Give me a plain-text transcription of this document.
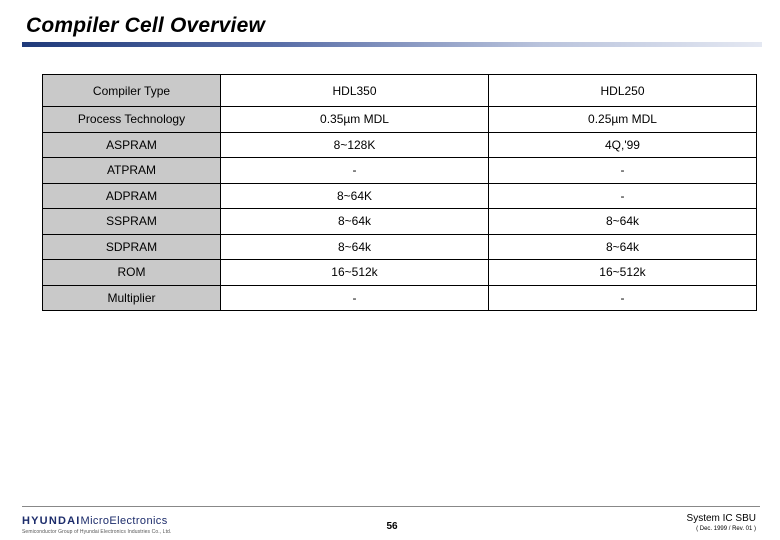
Compiler Cell Overview
Compiler Type	HDL350	HDL250
Process Technology	0.35µm MDL	0.25µm MDL
ASPRAM	8~128K	4Q,'99
ATPRAM	-	-
ADPRAM	8~64K	-
SSPRAM	8~64k	8~64k
SDPRAM	8~64k	8~64k
ROM	16~512k	16~512k
Multiplier	-	-
HYUNDAIMicroElectronics
Semiconductor Group of Hyundai Electronics Industries Co., Ltd.	56
System IC SBU
( Dec. 1999 / Rev. 01 )
